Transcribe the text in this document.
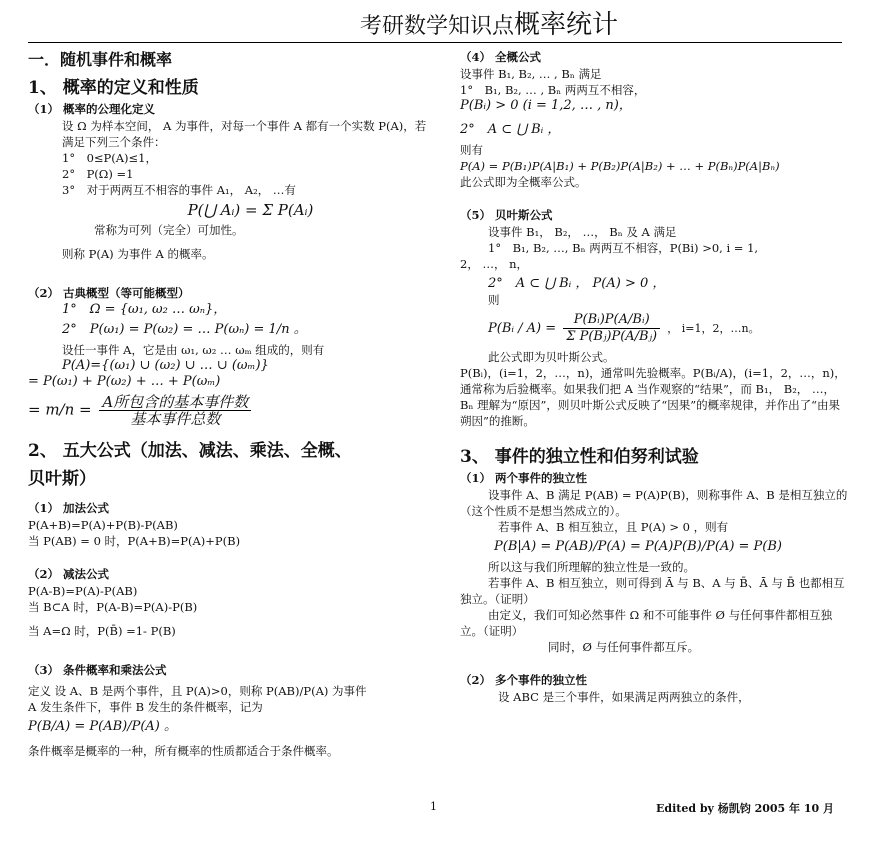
考研数学知识点概率统计

一．随机事件和概率

1、 概率的定义和性质

（1） 概率的公理化定义

设 Ω 为样本空间， A 为事件，对每一个事件 A 都有一个实数 P(A)，若满足下列三个条件：

1°　0≤P(A)≤1，

2°　P(Ω) =1

3°　对于两两互不相容的事件 A₁， A₂， …有

P(⋃ Aᵢ) = Σ P(Aᵢ)

常称为可列（完全）可加性。

则称 P(A) 为事件 A 的概率。

（2） 古典概型（等可能概型）

1°　Ω = {ω₁, ω₂ … ωₙ}，

2°　P(ω₁) = P(ω₂) = … P(ωₙ) = 1/n 。

设任一事件 A，它是由 ω₁, ω₂ … ωₘ 组成的，则有

P(A)={(ω₁) ∪ (ω₂) ∪ … ∪ (ωₘ)}

= P(ω₁) + P(ω₂) + … + P(ωₘ)

= $m/n = \frac{\text{A所包含的基本事件数}}{\text{基本事件总数}}$

2、 五大公式（加法、减法、乘法、全概、

贝叶斯）

（1） 加法公式

P(A+B)=P(A)+P(B)-P(AB)

当 P(AB) = 0 时，P(A+B)=P(A)+P(B)

（2） 减法公式

P(A-B)=P(A)-P(AB)

当 B⊂A 时，P(A-B)=P(A)-P(B)

当 A=Ω 时，P(B̄) =1- P(B)

（3） 条件概率和乘法公式

定义 设 A、B 是两个事件，且 P(A)>0，则称 P(AB)/P(A) 为事件

A 发生条件下，事件 B 发生的条件概率，记为

P(B/A) = P(AB)/P(A) 。

条件概率是概率的一种，所有概率的性质都适合于条件概率。

（4） 全概公式

设事件 B₁, B₂, … , Bₙ 满足

1°　B₁, B₂, … , Bₙ 两两互不相容，

P(Bᵢ) > 0 (i = 1,2, … , n)，

2°　A ⊂ ⋃ Bᵢ ，

则有

P(A) = P(B₁)P(A|B₁) + P(B₂)P(A|B₂) + … + P(Bₙ)P(A|Bₙ)

此公式即为全概率公式。

（5） 贝叶斯公式

设事件 B₁， B₂， …， Bₙ 及 A 满足

1°　B₁, B₂, …, Bₙ 两两互不相容，P(Bi) >0, i = 1,

2， …， n，

2°　A ⊂ ⋃ Bᵢ ， P(A) > 0 ，

则

P(Bᵢ / $A) = \frac{\text{P(Bᵢ)P(A/Bᵢ)}}{\text{Σ P(Bⱼ)P(A/Bⱼ)}}$ ， i=1，2，…n。

此公式即为贝叶斯公式。

P(Bᵢ)，(i=1，2，…，n)，通常叫先验概率。P(Bᵢ/A)，(i=1，2，…，n)，通常称为后验概率。如果我们把 A 当作观察的“结果”，而 B₁， B₂， …， Bₙ 理解为“原因”，则贝叶斯公式反映了“因果”的概率规律，并作出了“由果朔因”的推断。

3、 事件的独立性和伯努利试验

（1） 两个事件的独立性

设事件 A、B 满足 P(AB) = P(A)P(B)，则称事件 A、B 是相互独立的（这个性质不是想当然成立的）。

若事件 A、B 相互独立，且 P(A) > 0 ，则有

P(B|A) = P(AB)/P(A) = P(A)P(B)/P(A) = P(B)

所以这与我们所理解的独立性是一致的。

若事件 A、B 相互独立，则可得到 Ā 与 B、A 与 B̄、Ā 与 B̄ 也都相互独立。（证明）

由定义，我们可知必然事件 Ω 和不可能事件 Ø 与任何事件都相互独立。（证明）

同时，Ø 与任何事件都互斥。

（2） 多个事件的独立性

设 ABC 是三个事件，如果满足两两独立的条件，

1	Edited by 杨凯钧 2005 年 10 月
